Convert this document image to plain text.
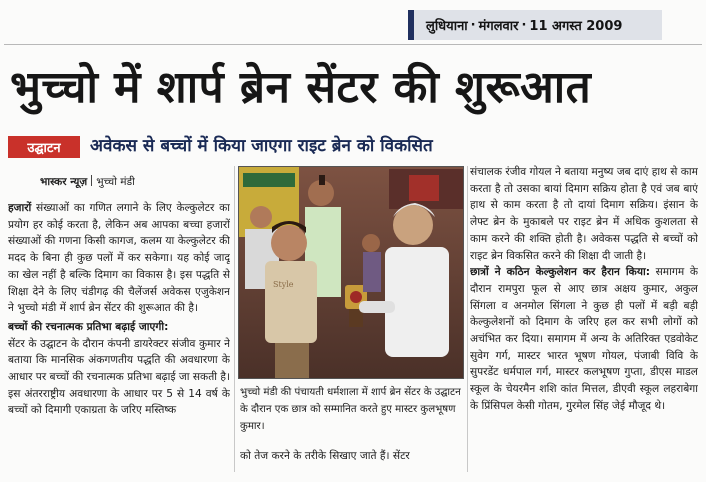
लुधियाना · मंगलवार · 11 अगस्त 2009
भुच्चो में शार्प ब्रेन सेंटर की शुरूआत
उद्घाटन	अवेकस से बच्चों में किया जाएगा राइट ब्रेन को विकसित
भास्कर न्यूज़ भुच्चो मंडी

हजारों संख्याओं का गणित लगाने के लिए केल्कुलेटर का प्रयोग हर कोई करता है, लेकिन अब आपका बच्चा हजारों संख्याओं की गणना किसी कागज, कलम या केल्कुलेटर की मदद के बिना ही कुछ पलों में कर सकेगा। यह कोई जादू का खेल नहीं है बल्कि दिमाग का विकास है। इस पद्धति से शिक्षा देने के लिए चंडीगढ़ की चैलेंजर्स अवेकस एजुकेशन ने भुच्चो मंडी में शार्प ब्रेन सेंटर की शुरूआत की है।

बच्चों की रचनात्मक प्रतिभा बढ़ाई जाएगी:

सेंटर के उद्घाटन के दौरान कंपनी डायरेक्टर संजीव कुमार ने बताया कि मानसिक अंकगणतीय पद्धति की अवधारणा के आधार पर बच्चों की रचनात्मक प्रतिभा बढ़ाई जा सकती है। इस अंतरराष्ट्रीय अवधारणा के आधार पर 5 से 14 वर्ष के बच्चों को दिमागी एकाग्रता के जरिए मस्तिष्क

Style

भुच्चो मंडी की पंचायती धर्मशाला में शार्प ब्रेन सेंटर के उद्घाटन के दौरान एक छात्र को सम्मानित करते हुए मास्टर कुलभूषण कुमार।

को तेज करने के तरीके सिखाए जाते हैं। सेंटर

संचालक रंजीव गोयल ने बताया मनुष्य जब दाएं हाथ से काम करता है तो उसका बायां दिमाग सक्रिय होता है एवं जब बाएं हाथ से काम करता है तो दायां दिमाग सक्रिय। इंसान के लेफ्ट ब्रेन के मुकाबले पर राइट ब्रेन में अधिक कुशलता से काम करने की शक्ति होती है। अवेकस पद्धति से बच्चों को राइट ब्रेन विकसित करने की शिक्षा दी जाती है।

छात्रों ने कठिन केल्कुलेशन कर हैरान किया: समागम के दौरान रामपुरा फूल से आए छात्र अक्षय कुमार, अकुल सिंगला व अनमोल सिंगला ने कुछ ही पलों में बड़ी बड़ी केल्कुलेशनों को दिमाग के जरिए हल कर सभी लोगों को अचंभित कर दिया। समागम में अन्य के अतिरिक्त एडवोकेट सुवेग गर्ग, मास्टर भारत भूषण गोयल, पंजाबी विवि के सुपरडेंट धर्मपाल गर्ग, मास्टर कलभूषण गुप्ता, डीएस माडल स्कूल के चेयरमैन शशि कांत मित्तल, डीएवी स्कूल लहराबेगा के प्रिंसिपल केसी गोतम, गुरमेल सिंह जेई मौजूद थे।
